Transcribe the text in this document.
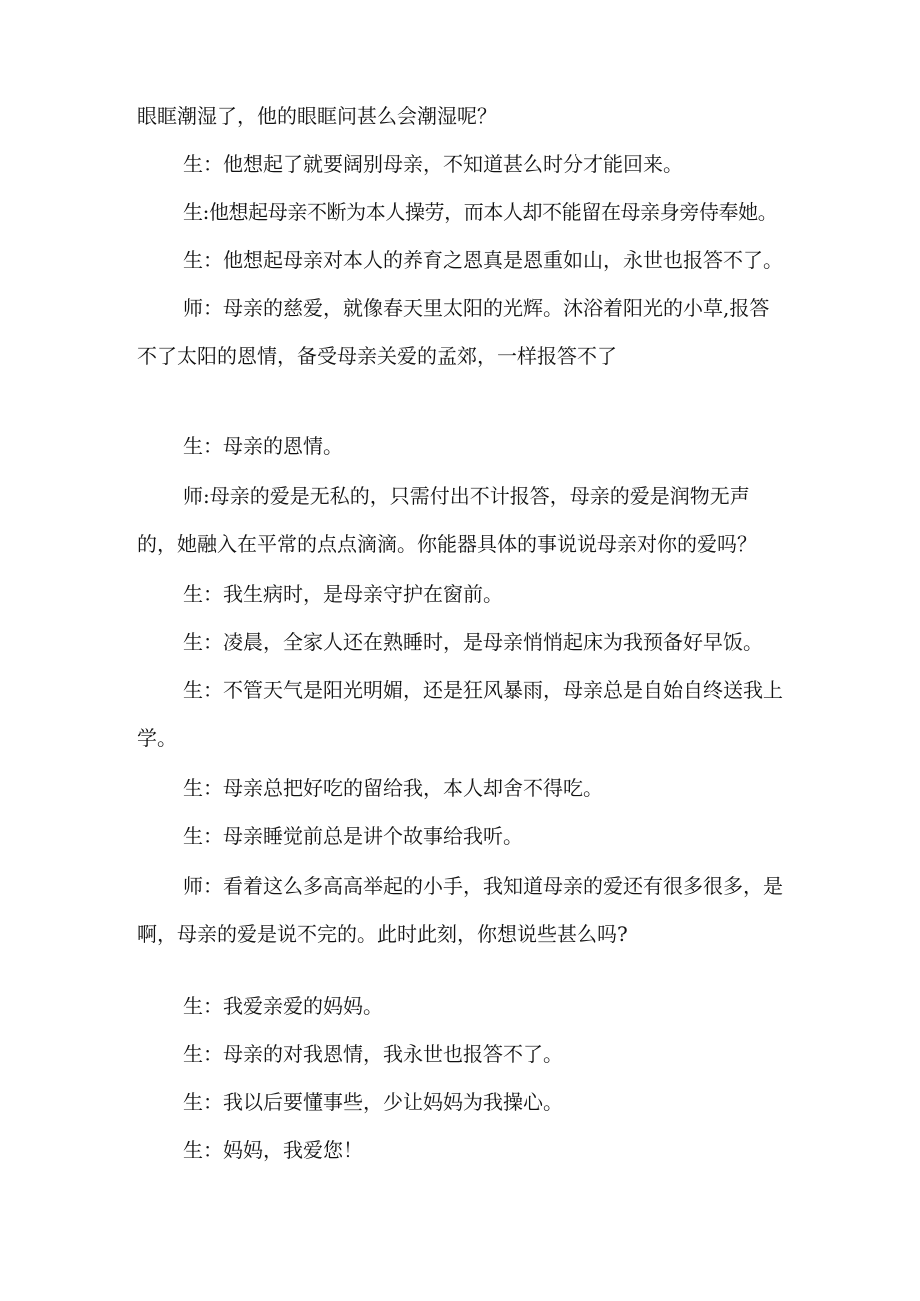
眼眶潮湿了，他的眼眶问甚么会潮湿呢？

生：他想起了就要阔别母亲，不知道甚么时分才能回来。

生:他想起母亲不断为本人操劳，而本人却不能留在母亲身旁侍奉她。

生：他想起母亲对本人的养育之恩真是恩重如山，永世也报答不了。

师：母亲的慈爱，就像春天里太阳的光辉。沐浴着阳光的小草,报答不了太阳的恩情，备受母亲关爱的孟郊，一样报答不了

生：母亲的恩情。

师:母亲的爱是无私的，只需付出不计报答，母亲的爱是润物无声的，她融入在平常的点点滴滴。你能器具体的事说说母亲对你的爱吗？

生：我生病时，是母亲守护在窗前。

生：凌晨，全家人还在熟睡时，是母亲悄悄起床为我预备好早饭。

生：不管天气是阳光明媚，还是狂风暴雨，母亲总是自始自终送我上学。

生：母亲总把好吃的留给我，本人却舍不得吃。

生：母亲睡觉前总是讲个故事给我听。

师：看着这么多高高举起的小手，我知道母亲的爱还有很多很多，是啊，母亲的爱是说不完的。此时此刻，你想说些甚么吗?

生：我爱亲爱的妈妈。

生：母亲的对我恩情，我永世也报答不了。

生：我以后要懂事些，少让妈妈为我操心。

生：妈妈，我爱您！
